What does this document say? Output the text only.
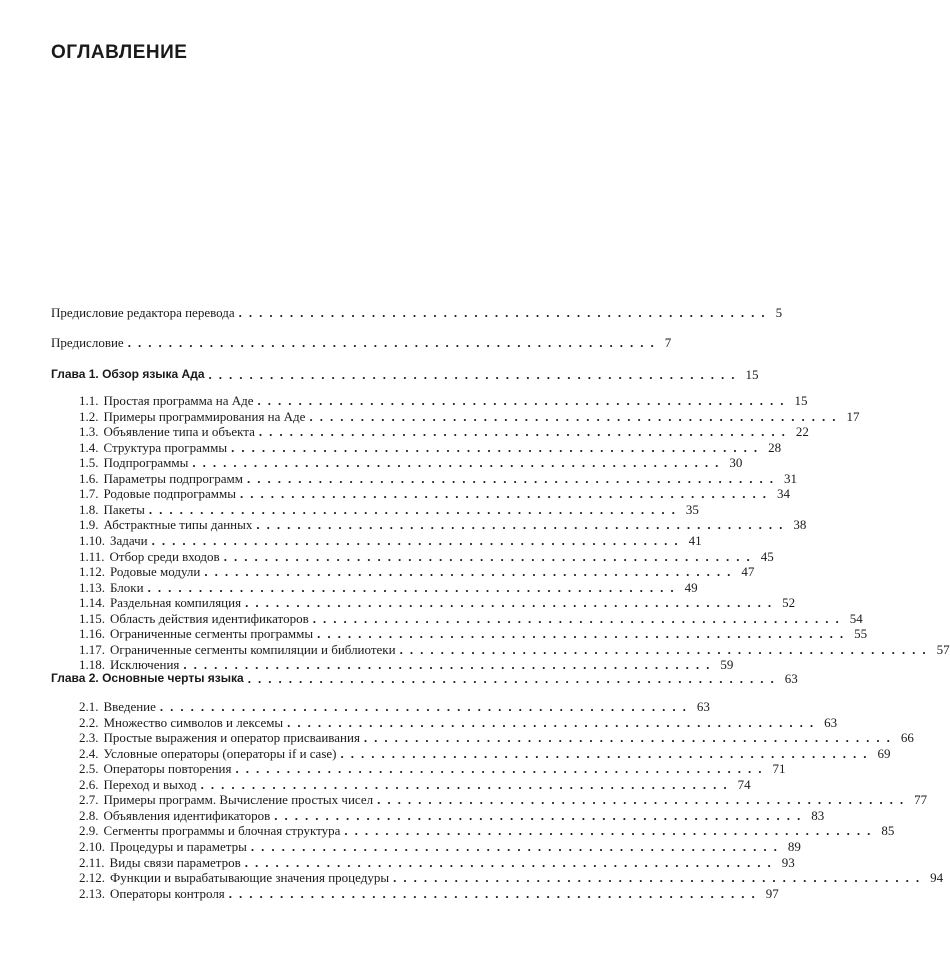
ОГЛАВЛЕНИЕ
Предисловие редактора перевода .................................................... 5
Предисловие .................................................... 7
Глава 1. Обзор языка Ада .................................................... 15
1.1. Простая программа на Аде .................................................... 15
1.2. Примеры программирования на Аде .................................................... 17
1.3. Объявление типа и объекта .................................................... 22
1.4. Структура программы .................................................... 28
1.5. Подпрограммы .................................................... 30
1.6. Параметры подпрограмм .................................................... 31
1.7. Родовые подпрограммы .................................................... 34
1.8. Пакеты .................................................... 35
1.9. Абстрактные типы данных .................................................... 38
1.10. Задачи .................................................... 41
1.11. Отбор среди входов .................................................... 45
1.12. Родовые модули .................................................... 47
1.13. Блоки .................................................... 49
1.14. Раздельная компиляция .................................................... 52
1.15. Область действия идентификаторов .................................................... 54
1.16. Ограниченные сегменты программы .................................................... 55
1.17. Ограниченные сегменты компиляции и библиотеки .................................................... 57
1.18. Исключения .................................................... 59
Глава 2. Основные черты языка .................................................... 63
2.1. Введение .................................................... 63
2.2. Множество символов и лексемы .................................................... 63
2.3. Простые выражения и оператор присваивания .................................................... 66
2.4. Условные операторы (операторы if и case) .................................................... 69
2.5. Операторы повторения .................................................... 71
2.6. Переход и выход .................................................... 74
2.7. Примеры программ. Вычисление простых чисел .................................................... 77
2.8. Объявления идентификаторов .................................................... 83
2.9. Сегменты программы и блочная структура .................................................... 85
2.10. Процедуры и параметры .................................................... 89
2.11. Виды связи параметров .................................................... 93
2.12. Функции и вырабатывающие значения процедуры .................................................... 94
2.13. Операторы контроля .................................................... 97
